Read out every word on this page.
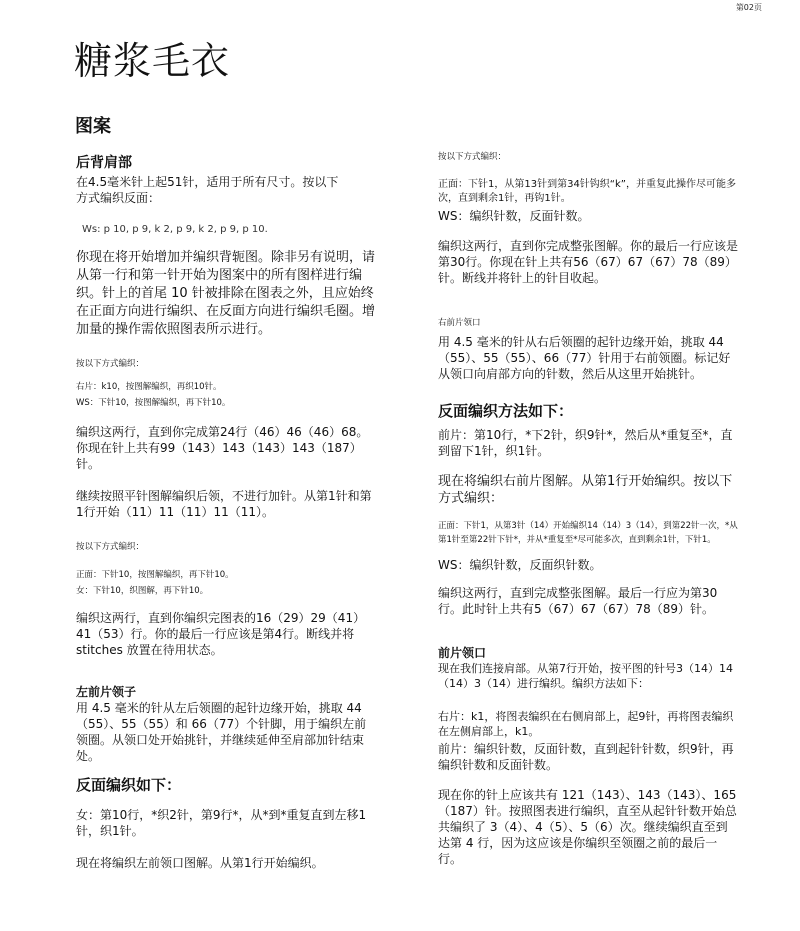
第02页

糖浆毛衣
图案
后背肩部

在4.5毫米针上起51针，适用于所有尺寸。按以下方式编织反面：

Ws: p 10, p 9, k 2, p 9, k 2, p 9, p 10.

你现在将开始增加并编织背轭图。除非另有说明，请从第一行和第一针开始为图案中的所有图样进行编织。针上的首尾 10 针被排除在图表之外，且应始终在正面方向进行编织、在反面方向进行编织毛圈。增加量的操作需依照图表所示进行。

按以下方式编织：

右片：k10，按图解编织，再织10针。

WS：下针10，按图解编织，再下针10。

编织这两行，直到你完成第24行（46）46（46）68。你现在针上共有99（143）143（143）143（187）针。

继续按照平针图解编织后领，不进行加针。从第1针和第1行开始（11）11（11）11（11）。

按以下方式编织：

正面：下针10，按图解编织，再下针10。

女：下针10，织图解，再下针10。

编织这两行，直到你编织完图表的16（29）29（41）41（53）行。你的最后一行应该是第4行。断线并将 stitches 放置在待用状态。

左前片领子

用 4.5 毫米的针从左后领圈的起针边缘开始，挑取 44（55）、55（55）和 66（77）个针脚，用于编织左前领圈。从领口处开始挑针，并继续延伸至肩部加针结束处。

反面编织如下：

女：第10行，*织2针，第9行*，从*到*重复直到左移1针，织1针。

现在将编织左前领口图解。从第1行开始编织。

按以下方式编织：

正面：下针1，从第13针到第34针钩织“k”，并重复此操作尽可能多次，直到剩余1针，再钩1针。

WS：编织针数，反面针数。

编织这两行，直到你完成整张图解。你的最后一行应该是第30行。你现在针上共有56（67）67（67）78（89）针。断线并将针上的针目收起。

右前片领口

用 4.5 毫米的针从右后领圈的起针边缘开始，挑取 44（55）、55（55）、66（77）针用于右前领圈。标记好从领口向肩部方向的针数，然后从这里开始挑针。

反面编织方法如下：

前片：第10行，*下2针，织9针*，然后从*重复至*，直到留下1针，织1针。

现在将编织右前片图解。从第1行开始编织。按以下方式编织：

正面：下针1，从第3针（14）开始编织14（14）3（14），到第22针一次，*从第1针至第22针下针*，并从*重复至*尽可能多次，直到剩余1针，下针1。

WS：编织针数，反面织针数。

编织这两行，直到完成整张图解。最后一行应为第30行。此时针上共有5（67）67（67）78（89）针。

前片领口

现在我们连接肩部。从第7行开始，按平图的针号3（14）14（14）3（14）进行编织。编织方法如下：

右片：k1，将图表编织在右侧肩部上，起9针，再将图表编织在左侧肩部上，k1。

前片：编织针数，反面针数，直到起针针数，织9针，再编织针数和反面针数。

现在你的针上应该共有 121（143）、143（143）、165（187）针。按照图表进行编织，直至从起针针数开始总共编织了 3（4）、4（5）、5（6）次。继续编织直至到达第 4 行，因为这应该是你编织至领圈之前的最后一行。
